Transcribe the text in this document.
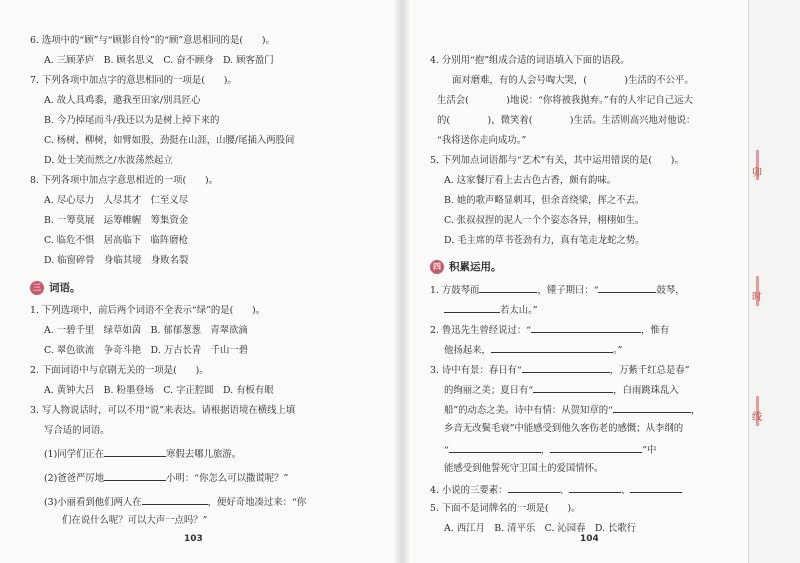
6. 选项中的“顾”与“顾影自怜”的“顾”意思相同的是(　　)。
A. 三顾茅庐　B. 顾名思义　C. 奋不顾身　D. 顾客盈门
7. 下列各项中加点字的意思相同的一项是(　　)。
A. 故人具鸡黍，邀我至田家/别具匠心
B. 今乃掉尾而斗/我还以为是树上掉下来的
C. 杨树、柳树，如臂如股，劲挺在山涯，山腰/尾插入两股间
D. 处士笑而然之/水波荡然起立
8. 下列各项中加点字意思相近的一项(　　)。
A. 尽心尽力　人尽其才　仁至义尽
B. 一筹莫展　运筹帷幄　筹集资金
C. 临危不惧　居高临下　临阵磨枪
D. 临窗碎骨　身临其境　身败名裂
三 词语。
1. 下列选项中，前后两个词语不全表示“绿”的是(　　)。
A. 一碧千里　绿草如茵　B. 郁郁葱葱　青翠欲滴
C. 翠色欲流　争奇斗艳　D. 万古长青　千山一碧
2. 下面词语中与京剧无关的一项是(　　)。
A. 黄钟大吕　B. 粉墨登场　C. 字正腔圆　D. 有板有眼
3. 写人物说话时，可以不用“说”来表达。请根据语境在横线上填
写合适的词语。
(1)同学们正在	寒假去哪儿旅游。
(2)爸爸严厉地	小明：“你怎么可以撒谎呢？”
(3)小丽看到他们两人在	，便好奇地凑过来：“你
们在说什么呢？可以大声一点吗？”
103
4. 分别用“抱”组成合适的词语填入下面的语段。
面对磨难，有的人会号啕大哭，(　　　　)生活的不公平。
生活会(　　　　)地说：“你将被我抛弃。”有的人牢记自己远大
的(　　　　)，微笑着(　　　　)生活。生活则高兴地对他说：
“我将送你走向成功。”
5. 下列加点词语都与“艺术”有关，其中运用错误的是(　　)。
A. 这家餐厅看上去古色古香，颇有韵味。
B. 她的歌声略显刺耳，但余音绕梁，挥之不去。
C. 张叔叔捏的泥人一个个姿态各异，栩栩如生。
D. 毛主席的草书苍劲有力，真有笔走龙蛇之势。
四 积累运用。
1. 方鼓琴而	，锺子期曰：“	鼓琴，
若太山。”
2. 鲁迅先生曾经说过：“	，惟有
他扬起来，	。”
3. 诗中有景：春日有“	，万紫千红总是春”
的绚丽之美；夏日有“	，白雨跳珠乱入
船”的动态之美。诗中有情：从贺知章的“	，
乡音无改鬓毛衰”中能感受到他久客伤老的感慨；从李纲的
“	，	”中
能感受到他誓死守卫国土的爱国情怀。
4. 小说的三要素：	、	、
5. 下面不是词牌名的一项是(　　)。
A. 西江月　B. 清平乐　C. 沁园春　D. 长歌行
104
卯
时
线
